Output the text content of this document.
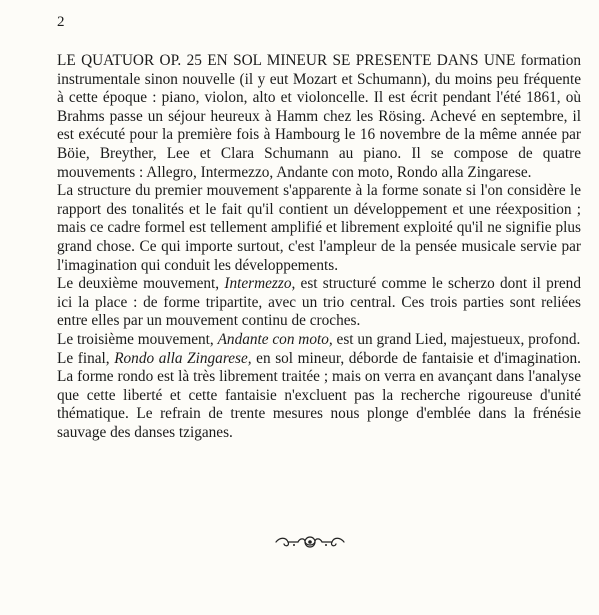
2

LE QUATUOR OP. 25 EN SOL MINEUR SE PRESENTE DANS UNE formation instrumentale sinon nouvelle (il y eut Mozart et Schumann), du moins peu fréquente à cette époque : piano, violon, alto et violoncelle. Il est écrit pendant l'été 1861, où Brahms passe un séjour heureux à Hamm chez les Rösing. Achevé en septembre, il est exécuté pour la première fois à Hambourg le 16 novembre de la même année par Böie, Breyther, Lee et Clara Schumann au piano. Il se compose de quatre mouvements : Allegro, Intermezzo, Andante con moto, Rondo alla Zingarese.

La structure du premier mouvement s'apparente à la forme sonate si l'on considère le rapport des tonalités et le fait qu'il contient un développement et une réexposition ; mais ce cadre formel est tellement amplifié et librement exploité qu'il ne signifie plus grand chose. Ce qui importe surtout, c'est l'ampleur de la pensée musicale servie par l'imagination qui conduit les développements.

Le deuxième mouvement, Intermezzo, est structuré comme le scherzo dont il prend ici la place : de forme tripartite, avec un trio central. Ces trois parties sont reliées entre elles par un mouvement continu de croches.

Le troisième mouvement, Andante con moto, est un grand Lied, majestueux, profond.

Le final, Rondo alla Zingarese, en sol mineur, déborde de fantaisie et d'imagination. La forme rondo est là très librement traitée ; mais on verra en avançant dans l'analyse que cette liberté et cette fantaisie n'excluent pas la recherche rigoureuse d'unité thématique. Le refrain de trente mesures nous plonge d'emblée dans la frénésie sauvage des danses tziganes.
